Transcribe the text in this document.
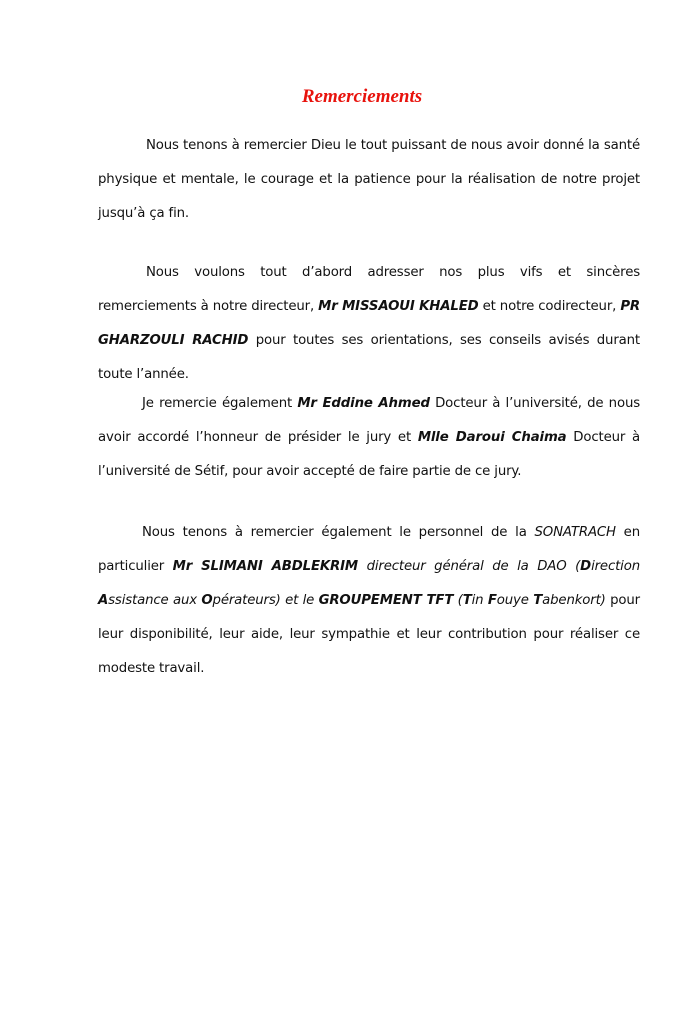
Remerciements

Nous tenons à remercier Dieu le tout puissant de nous avoir donné la santé physique et mentale, le courage et la patience pour la réalisation de notre projet jusqu’à ça fin.

Nous voulons tout d’abord adresser nos plus vifs et sincères remerciements à notre directeur, Mr MISSAOUI KHALED et notre codirecteur, PR GHARZOULI RACHID pour toutes ses orientations, ses conseils avisés durant toute l’année.

Je remercie également Mr Eddine Ahmed Docteur à l’université, de nous avoir accordé l’honneur de présider le jury et Mlle Daroui Chaima Docteur à l’université de Sétif, pour avoir accepté de faire partie de ce jury.

Nous tenons à remercier également le personnel de la SONATRACH en particulier Mr SLIMANI ABDLEKRIM directeur général de la DAO (Direction Assistance aux Opérateurs) et le GROUPEMENT TFT (Tin Fouye Tabenkort) pour leur disponibilité, leur aide, leur sympathie et leur contribution pour réaliser ce modeste travail.
